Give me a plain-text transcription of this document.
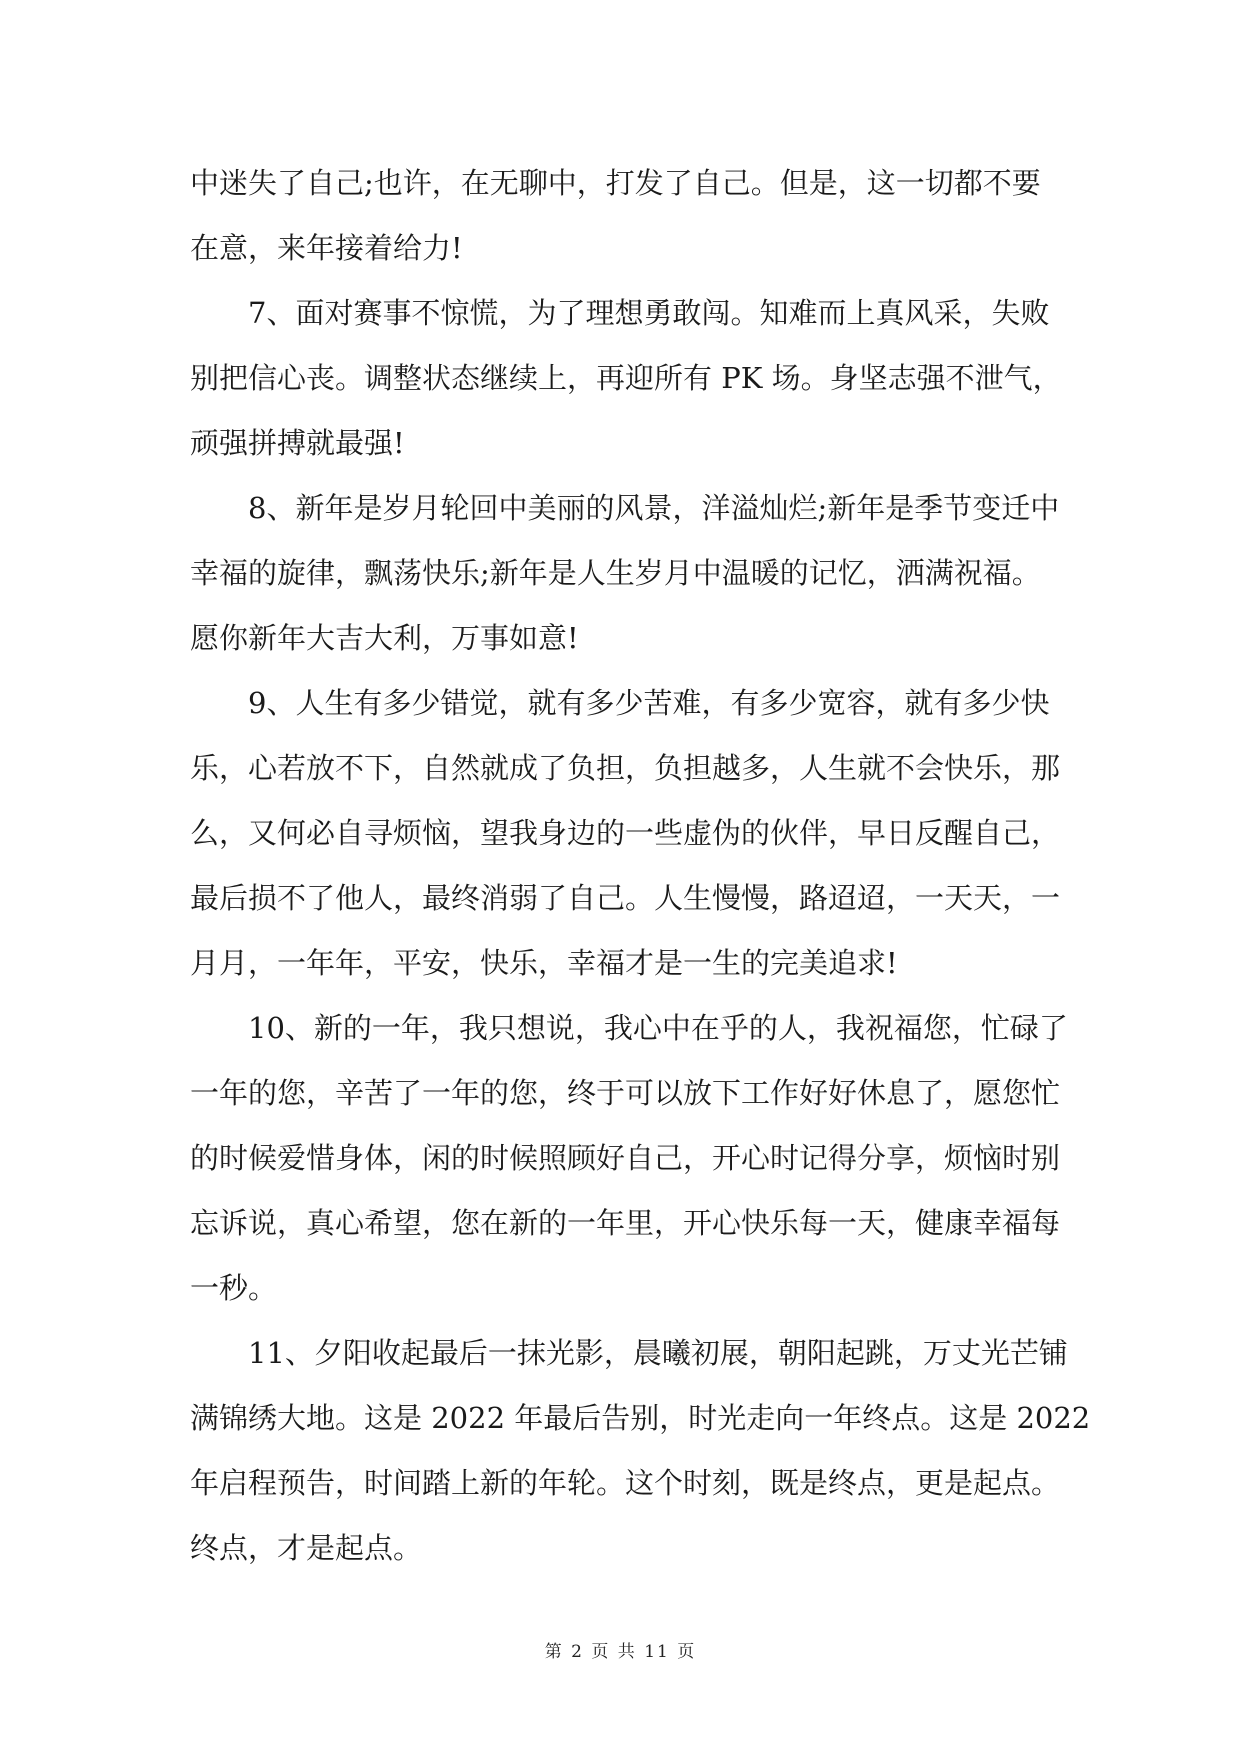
中迷失了自己;也许，在无聊中，打发了自己。但是，这一切都不要
在意，来年接着给力!
　　7、面对赛事不惊慌，为了理想勇敢闯。知难而上真风采，失败
别把信心丧。调整状态继续上，再迎所有 PK 场。身坚志强不泄气，
顽强拼搏就最强!
　　8、新年是岁月轮回中美丽的风景，洋溢灿烂;新年是季节变迁中
幸福的旋律，飘荡快乐;新年是人生岁月中温暖的记忆，洒满祝福。
愿你新年大吉大利，万事如意!
　　9、人生有多少错觉，就有多少苦难，有多少宽容，就有多少快
乐，心若放不下，自然就成了负担，负担越多，人生就不会快乐，那
么，又何必自寻烦恼，望我身边的一些虚伪的伙伴，早日反醒自己，
最后损不了他人，最终消弱了自己。人生慢慢，路迢迢，一天天，一
月月，一年年，平安，快乐，幸福才是一生的完美追求!
　　10、新的一年，我只想说，我心中在乎的人，我祝福您，忙碌了
一年的您，辛苦了一年的您，终于可以放下工作好好休息了，愿您忙
的时候爱惜身体，闲的时候照顾好自己，开心时记得分享，烦恼时别
忘诉说，真心希望，您在新的一年里，开心快乐每一天，健康幸福每
一秒。
　　11、夕阳收起最后一抹光影，晨曦初展，朝阳起跳，万丈光芒铺
满锦绣大地。这是 2022 年最后告别，时光走向一年终点。这是 2022
年启程预告，时间踏上新的年轮。这个时刻，既是终点，更是起点。
终点，才是起点。
第 2 页 共 11 页
